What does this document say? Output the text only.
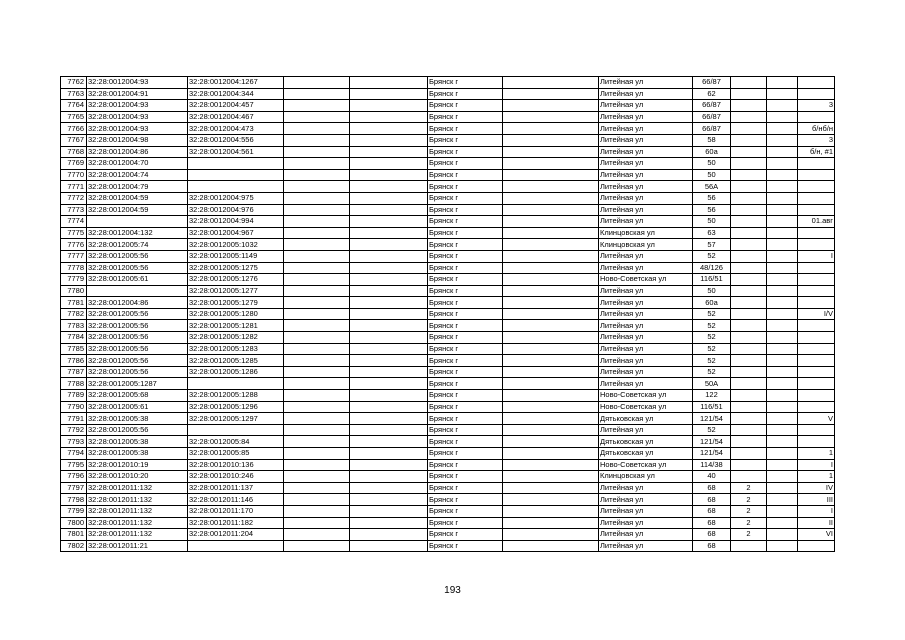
7762	32:28:0012004:93	32:28:0012004:1267			Брянск г		Литейная ул	66/87			
7763	32:28:0012004:91	32:28:0012004:344			Брянск г		Литейная ул	62			
7764	32:28:0012004:93	32:28:0012004:457			Брянск г		Литейная ул	66/87			3
7765	32:28:0012004:93	32:28:0012004:467			Брянск г		Литейная ул	66/87			
7766	32:28:0012004:93	32:28:0012004:473			Брянск г		Литейная ул	66/87			б/нб/н
7767	32:28:0012004:98	32:28:0012004:556			Брянск г		Литейная ул	58			3
7768	32:28:0012004:86	32:28:0012004:561			Брянск г		Литейная ул	60а			б/н, #1
7769	32:28:0012004:70				Брянск г		Литейная ул	50			
7770	32:28:0012004:74				Брянск г		Литейная ул	50			
7771	32:28:0012004:79				Брянск г		Литейная ул	56А			
7772	32:28:0012004:59	32:28:0012004:975			Брянск г		Литейная ул	56			
7773	32:28:0012004:59	32:28:0012004:976			Брянск г		Литейная ул	56			
7774		32:28:0012004:994			Брянск г		Литейная ул	50			01.авг
7775	32:28:0012004:132	32:28:0012004:967			Брянск г		Клинцовская ул	63			
7776	32:28:0012005:74	32:28:0012005:1032			Брянск г		Клинцовская ул	57			
7777	32:28:0012005:56	32:28:0012005:1149			Брянск г		Литейная ул	52			I
7778	32:28:0012005:56	32:28:0012005:1275			Брянск г		Литейная ул	48/126			
7779	32:28:0012005:61	32:28:0012005:1276			Брянск г		Ново-Советская ул	116/51			
7780		32:28:0012005:1277			Брянск г		Литейная ул	50			
7781	32:28:0012004:86	32:28:0012005:1279			Брянск г		Литейная ул	60а			
7782	32:28:0012005:56	32:28:0012005:1280			Брянск г		Литейная ул	52			I/V
7783	32:28:0012005:56	32:28:0012005:1281			Брянск г		Литейная ул	52			
7784	32:28:0012005:56	32:28:0012005:1282			Брянск г		Литейная ул	52			
7785	32:28:0012005:56	32:28:0012005:1283			Брянск г		Литейная ул	52			
7786	32:28:0012005:56	32:28:0012005:1285			Брянск г		Литейная ул	52			
7787	32:28:0012005:56	32:28:0012005:1286			Брянск г		Литейная ул	52			
7788	32:28:0012005:1287				Брянск г		Литейная ул	50А			
7789	32:28:0012005:68	32:28:0012005:1288			Брянск г		Ново-Советская ул	122			
7790	32:28:0012005:61	32:28:0012005:1296			Брянск г		Ново-Советская ул	116/51			
7791	32:28:0012005:38	32:28:0012005:1297			Брянск г		Дятьковская ул	121/54			V
7792	32:28:0012005:56				Брянск г		Литейная ул	52			
7793	32:28:0012005:38	32:28:0012005:84			Брянск г		Дятьковская ул	121/54			
7794	32:28:0012005:38	32:28:0012005:85			Брянск г		Дятьковская ул	121/54			1
7795	32:28:0012010:19	32:28:0012010:136			Брянск г		Ново-Советская ул	114/38			I
7796	32:28:0012010:20	32:28:0012010:246			Брянск г		Клинцовская ул	40			1
7797	32:28:0012011:132	32:28:0012011:137			Брянск г		Литейная ул	68	2		IV
7798	32:28:0012011:132	32:28:0012011:146			Брянск г		Литейная ул	68	2		III
7799	32:28:0012011:132	32:28:0012011:170			Брянск г		Литейная ул	68	2		I
7800	32:28:0012011:132	32:28:0012011:182			Брянск г		Литейная ул	68	2		II
7801	32:28:0012011:132	32:28:0012011:204			Брянск г		Литейная ул	68	2		VI
7802	32:28:0012011:21				Брянск г		Литейная ул	68			
193
